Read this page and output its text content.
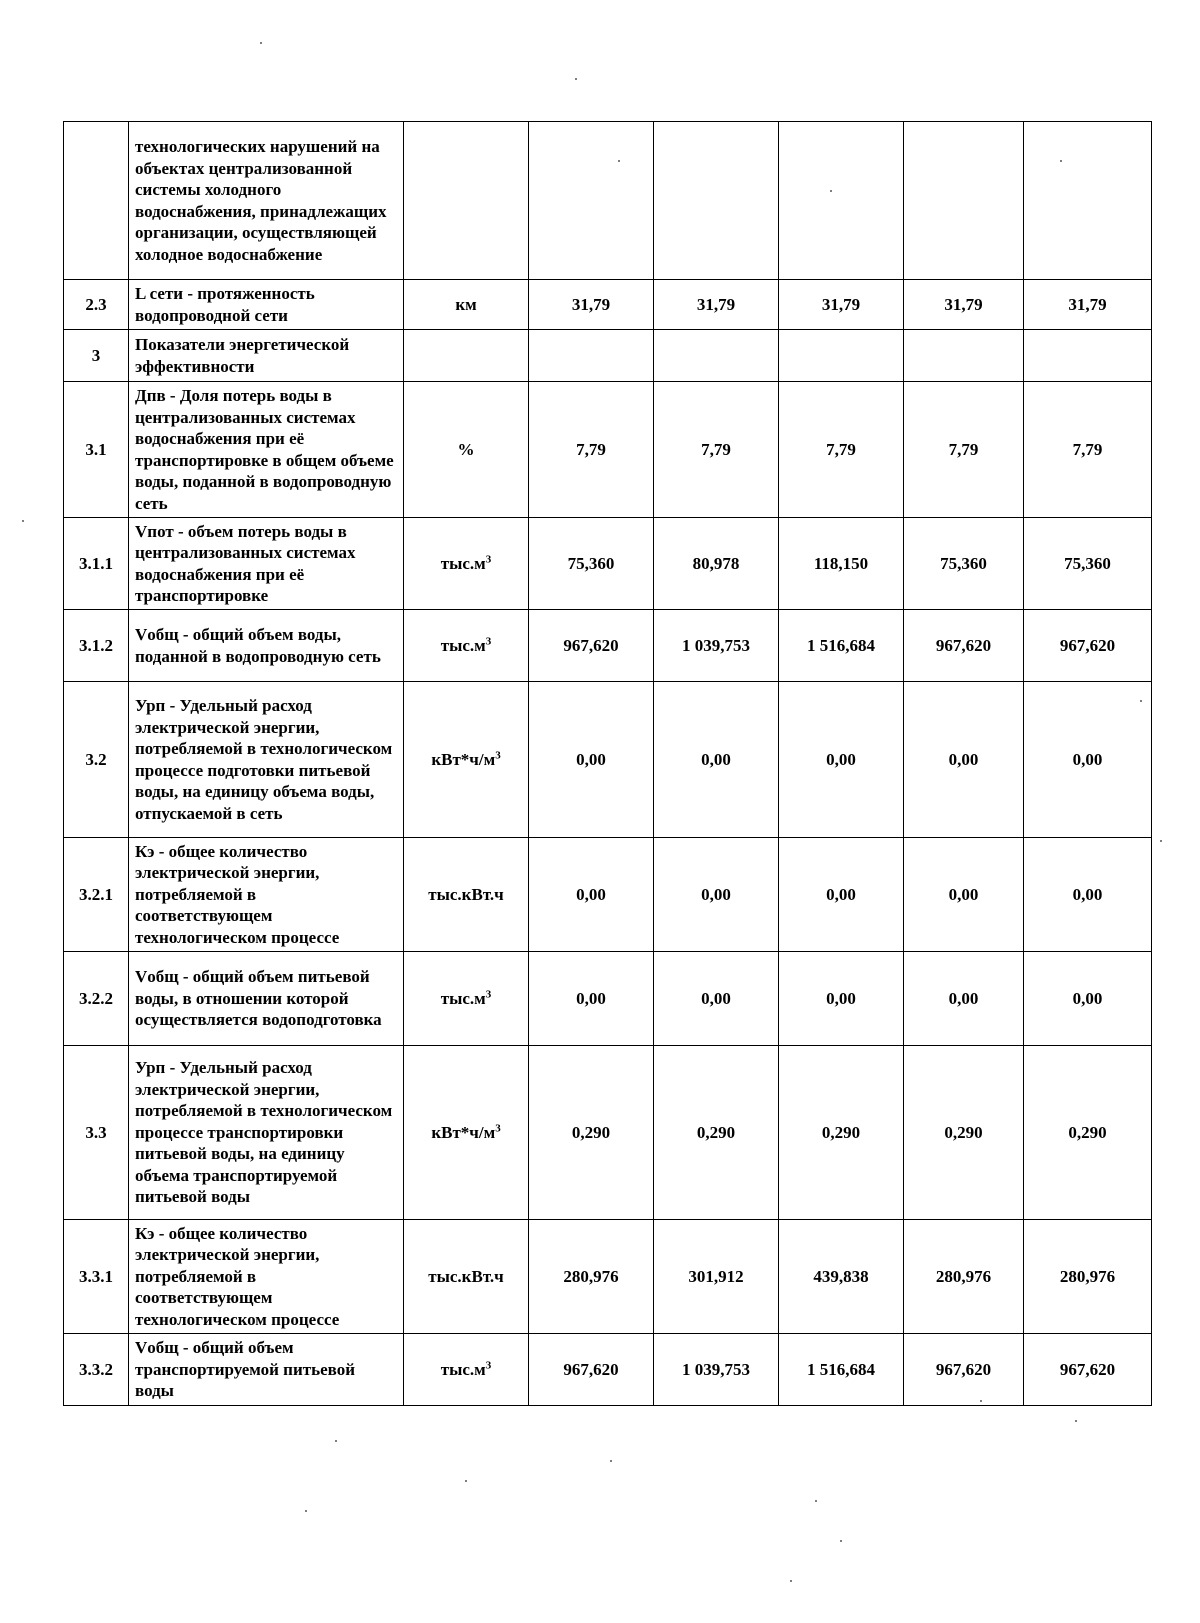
	технологических нарушений на объектах централизованной системы холодного водоснабжения, принадлежащих организации, осуществляющей холодное водоснабжение						
2.3	L сети - протяженность водопроводной сети	км	31,79	31,79	31,79	31,79	31,79
3	Показатели энергетической эффективности						
3.1	Дпв - Доля потерь воды в централизованных системах водоснабжения при её транспортировке в общем объеме воды, поданной в водопроводную сеть	%	7,79	7,79	7,79	7,79	7,79
3.1.1	Vпот - объем потерь воды в централизованных системах водоснабжения при её транспортировке	$тыс.м^3$	75,360	80,978	118,150	75,360	75,360
3.1.2	Vобщ - общий объем воды, поданной в водопроводную сеть	$тыс.м^3$	967,620	1 039,753	1 516,684	967,620	967,620
3.2	Урп - Удельный расход электрической энергии, потребляемой в технологическом процессе подготовки питьевой воды, на единицу объема воды, отпускаемой в сеть	$кВт*ч/м^3$	0,00	0,00	0,00	0,00	0,00
3.2.1	Кэ - общее количество электрической энергии, потребляемой в соответствующем технологическом процессе	тыс.кВт.ч	0,00	0,00	0,00	0,00	0,00
3.2.2	Vобщ - общий объем питьевой воды, в отношении которой осуществляется водоподготовка	$тыс.м^3$	0,00	0,00	0,00	0,00	0,00
3.3	Урп - Удельный расход электрической энергии, потребляемой в технологическом процессе транспортировки питьевой воды, на единицу объема транспортируемой питьевой воды	$кВт*ч/м^3$	0,290	0,290	0,290	0,290	0,290
3.3.1	Кэ - общее количество электрической энергии, потребляемой в соответствующем технологическом процессе	тыс.кВт.ч	280,976	301,912	439,838	280,976	280,976
3.3.2	Vобщ - общий объем транспортируемой питьевой воды	$тыс.м^3$	967,620	1 039,753	1 516,684	967,620	967,620
